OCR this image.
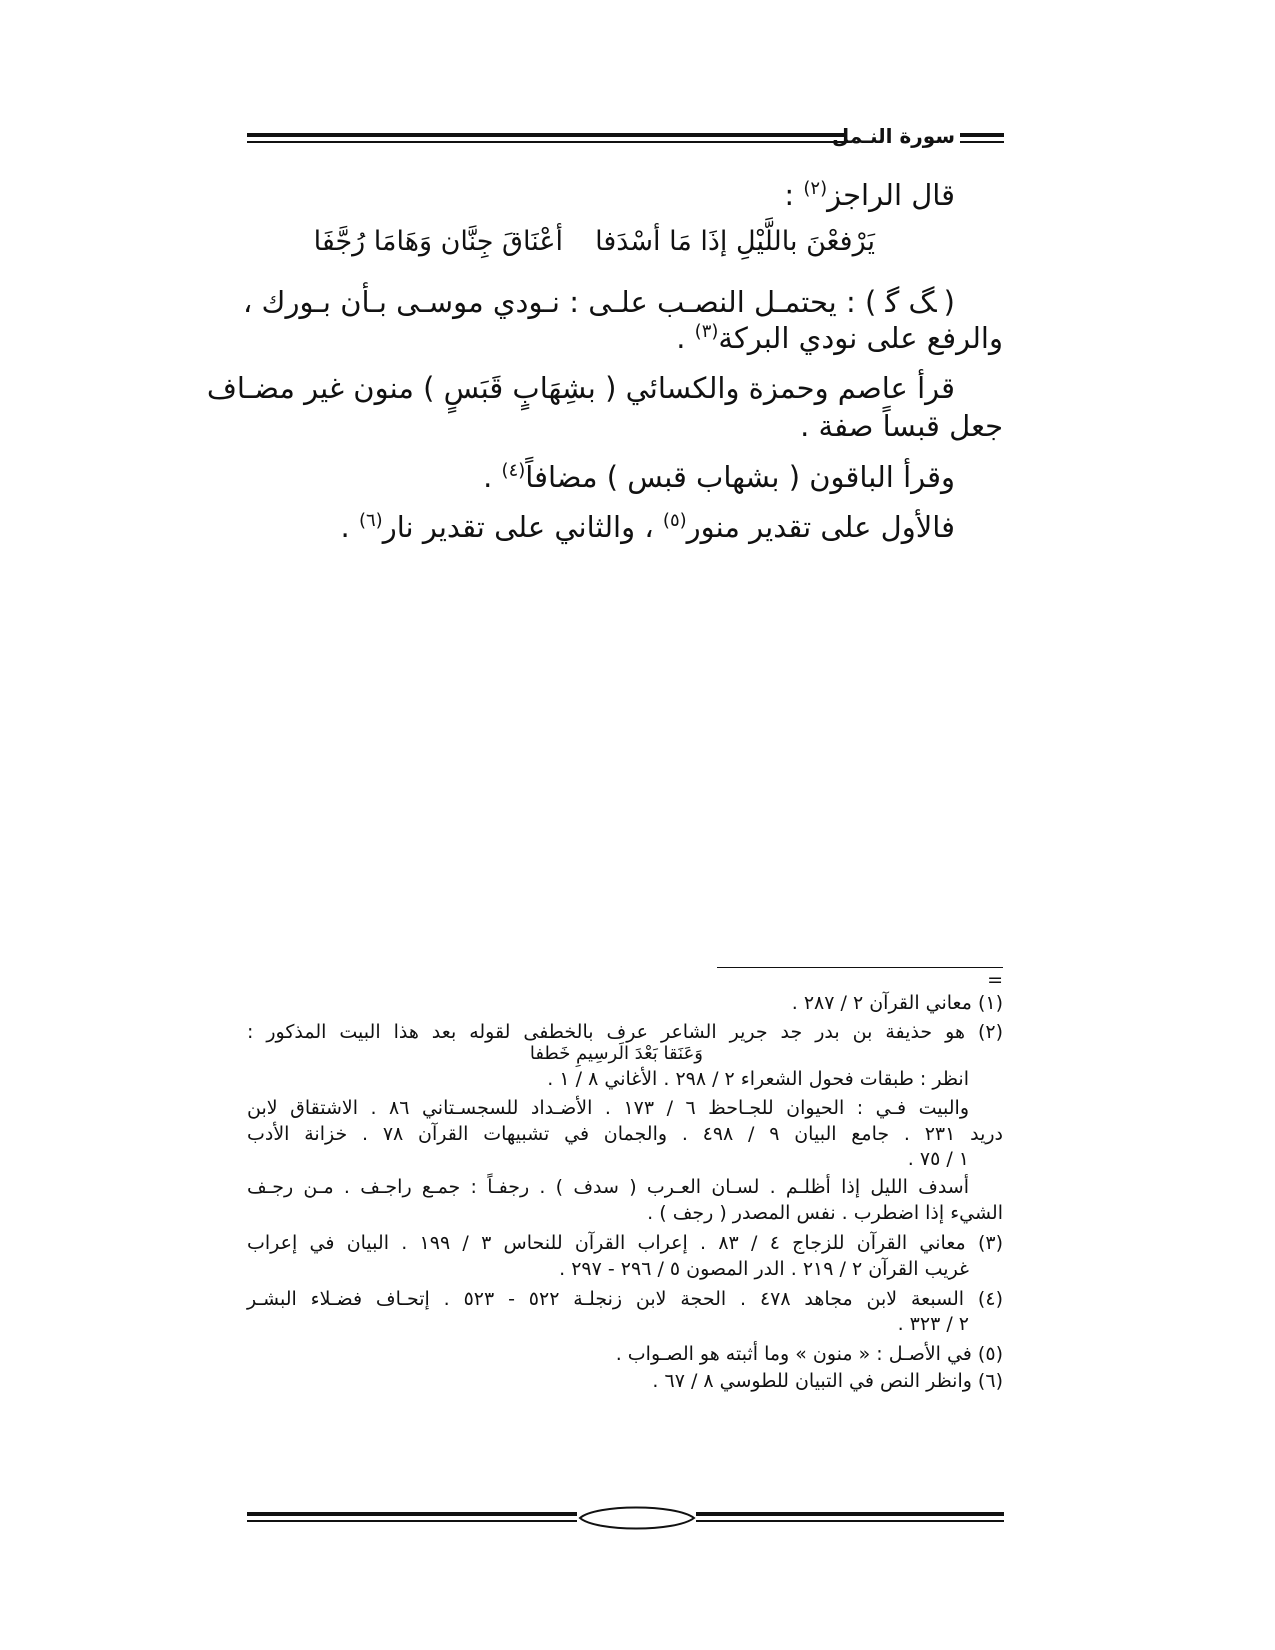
سورة النـمل
قال الراجز$^{(٢)}$ :
يَرْفعْنَ باللَّيْلِ إذَا مَا أسْدَفا
أعْنَاقَ جِنَّان وَهَامَا رُجَّفَا
( ﮓ ﮔ ) : يحتمـل النصـب علـى : نـودي موسـى بـأن بـورك ،
والرفع على نودي البركة$^{(٣)}$ .
قرأ عاصم وحمزة والكسائي ( بشِهَابٍ قَبَسٍ ) منون غير مضـاف
جعل قبساً صفة .
وقرأ الباقون ( بشهاب قبس ) مضافاً$^{(٤)}$ .
فالأول على تقدير منور$^{(٥)}$ ، والثاني على تقدير نار$^{(٦)}$ .
=
(١) معاني القرآن ٢ / ٢٨٧ .
(٢) هو حذيفة بن بدر جد جرير الشاعر عرف بالخطفى لقوله بعد هذا البيت المذكور :
وَعَنَقا بَعْدَ الَرسِيمِ خَطفا
انظر : طبقات فحول الشعراء ٢ / ٢٩٨ . الأغاني ٨ / ١ .
والبيت فـي : الحيوان للجـاحظ ٦ / ١٧٣ . الأضـداد للسجسـتاني ٨٦ . الاشتقاق لابن
دريد ٢٣١ . جامع البيان ٩ / ٤٩٨ . والجمان في تشبيهات القرآن ٧٨ . خزانة الأدب
١ / ٧٥ .
أسدف الليل إذا أظلـم . لسـان العـرب ( سدف ) . رجفـاً : جمـع راجـف . مـن رجـف
الشيء إذا اضطرب . نفس المصدر ( رجف ) .
(٣) معاني القرآن للزجاج ٤ / ٨٣ . إعراب القرآن للنحاس ٣ / ١٩٩ . البيان في إعراب
غريب القرآن ٢ / ٢١٩ . الدر المصون ٥ / ٢٩٦ - ٢٩٧ .
(٤) السبعة لابن مجاهد ٤٧٨ . الحجة لابن زنجلـة ٥٢٢ - ٥٢٣ . إتحـاف فضـلاء البشـر
٢ / ٣٢٣ .
(٥) في الأصـل : « منون » وما أثبته هو الصـواب .
(٦) وانظر النص في التبيان للطوسي ٨ / ٦٧ .
